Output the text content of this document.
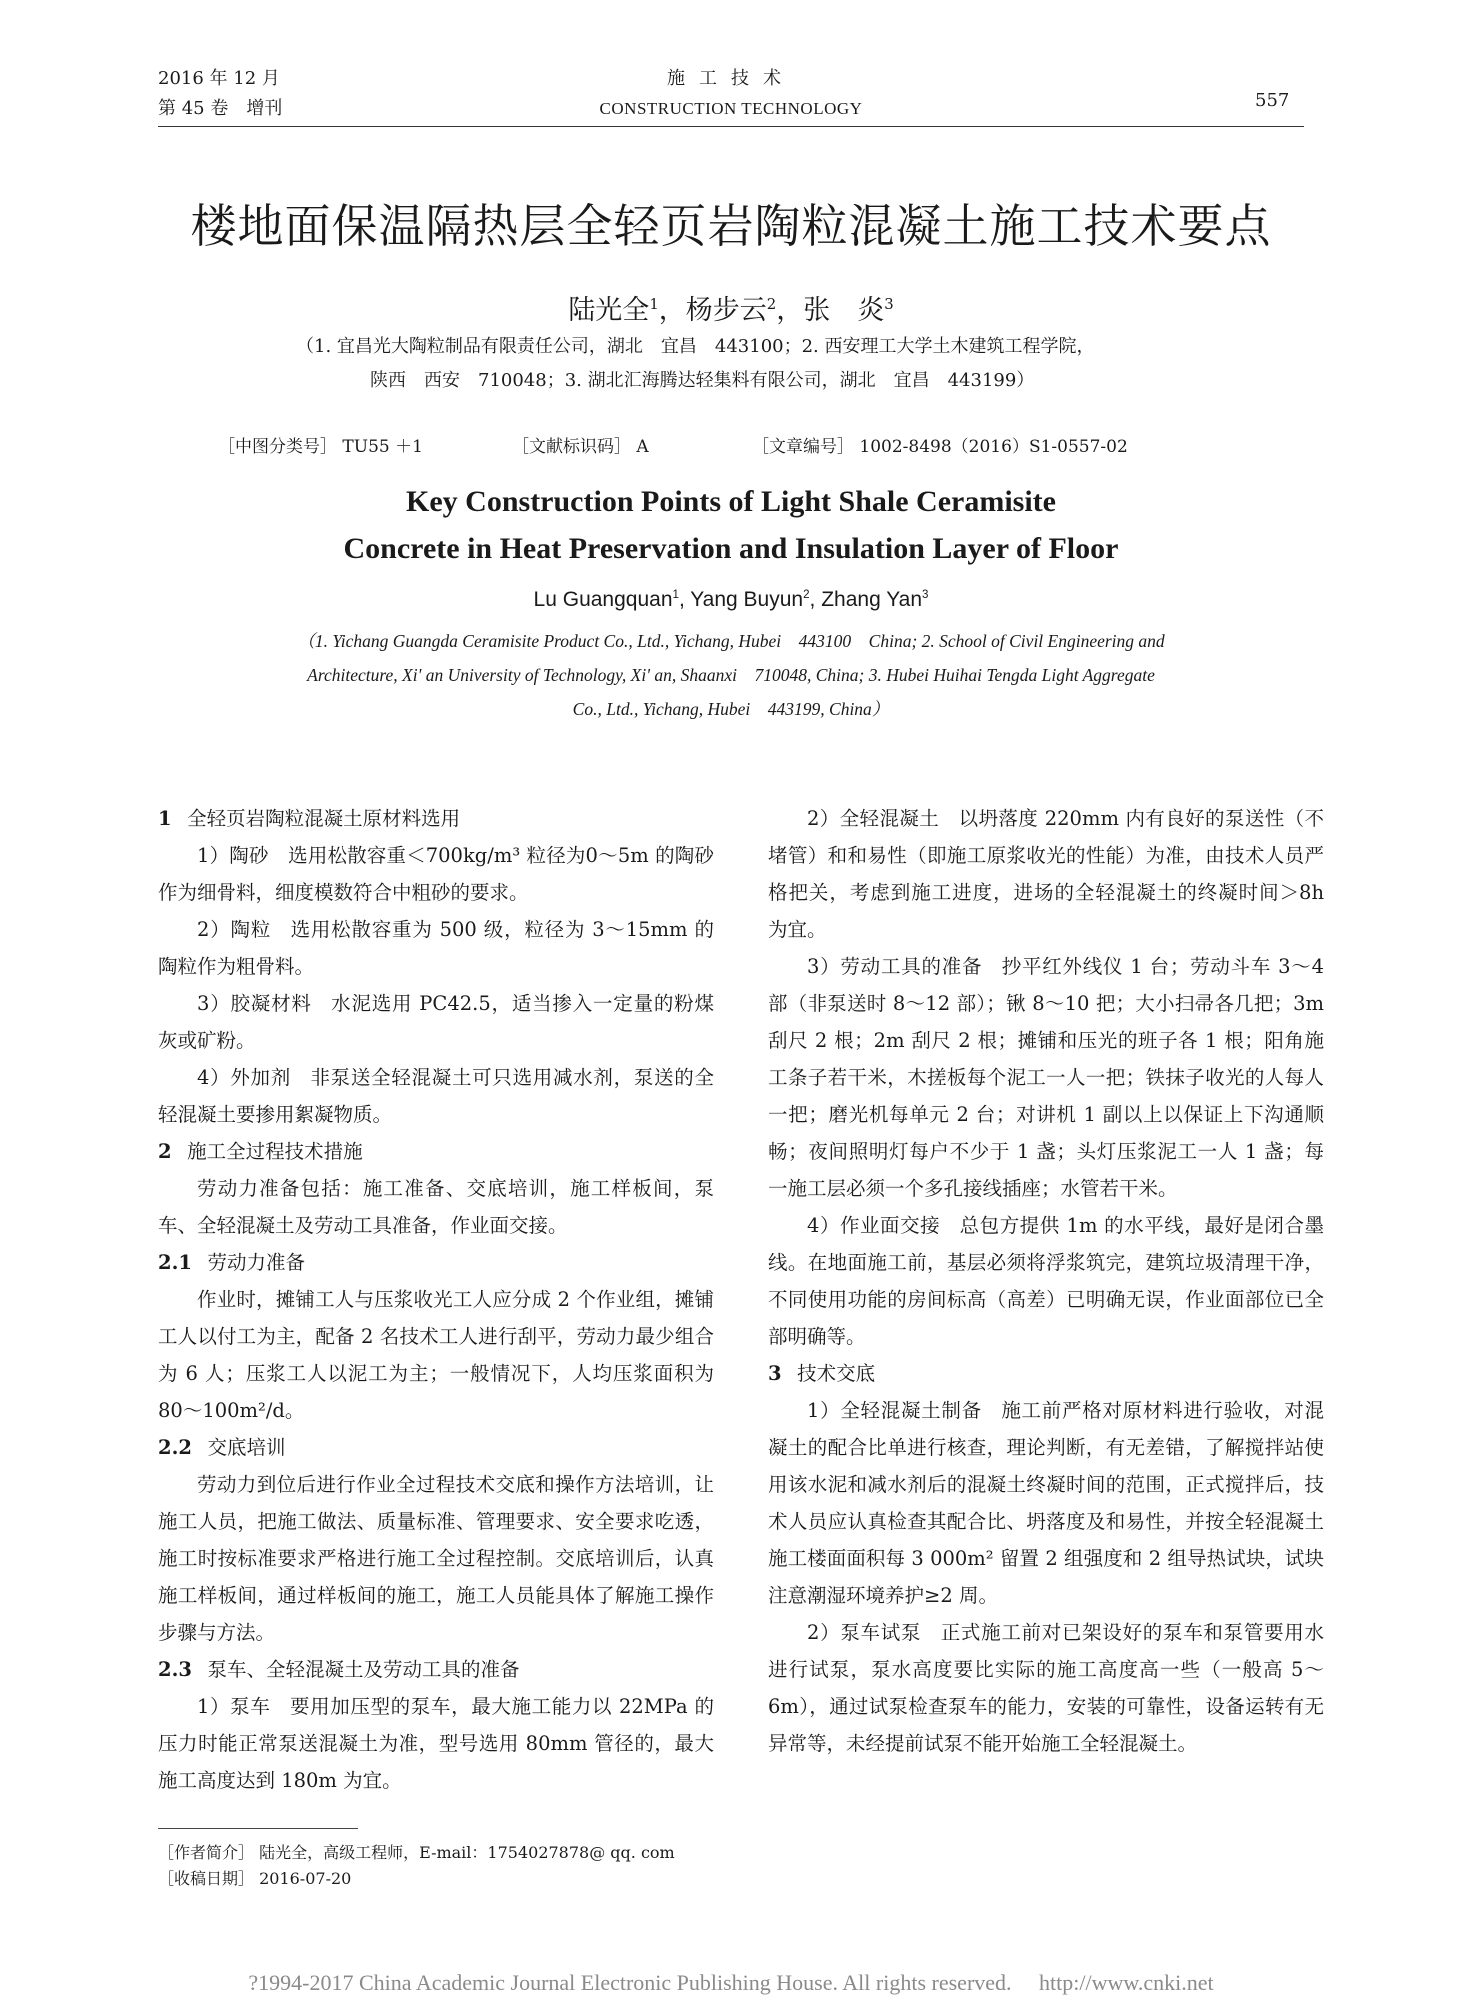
2016 年 12 月
第 45 卷　增刊
施工技术
CONSTRUCTION TECHNOLOGY	557
楼地面保温隔热层全轻页岩陶粒混凝土施工技术要点
陆光全$^1$，杨步云$^2$，张　炎$^3$
（1. 宜昌光大陶粒制品有限责任公司，湖北　宜昌　443100；2. 西安理工大学土木建筑工程学院，
陕西　西安　710048；3. 湖北汇海腾达轻集料有限公司，湖北　宜昌　443199）
［中图分类号］ TU55 ＋1	［文献标识码］ A	［文章编号］ 1002-8498（2016）S1-0557-02
Key Construction Points of Light Shale Ceramisite
Concrete in Heat Preservation and Insulation Layer of Floor
Lu Guangquan$^1$, Yang Buyun$^2$, Zhang Yan$^3$
（1. Yichang Guangda Ceramisite Product Co., Ltd., Yichang, Hubei　443100　China; 2. School of Civil Engineering and
Architecture, Xi' an University of Technology, Xi' an, Shaanxi　710048, China; 3. Hubei Huihai Tengda Light Aggregate
Co., Ltd., Yichang, Hubei　443199, China）
1 全轻页岩陶粒混凝土原材料选用

1）陶砂 选用松散容重＜700kg/m³ 粒径为0～5m 的陶砂作为细骨料，细度模数符合中粗砂的要求。

2）陶粒 选用松散容重为 500 级，粒径为 3～15mm 的陶粒作为粗骨料。

3）胶凝材料 水泥选用 PC42.5，适当掺入一定量的粉煤灰或矿粉。

4）外加剂 非泵送全轻混凝土可只选用减水剂，泵送的全轻混凝土要掺用絮凝物质。

2 施工全过程技术措施

劳动力准备包括：施工准备、交底培训，施工样板间，泵车、全轻混凝土及劳动工具准备，作业面交接。

2.1 劳动力准备

作业时，摊铺工人与压浆收光工人应分成 2 个作业组，摊铺工人以付工为主，配备 2 名技术工人进行刮平，劳动力最少组合为 6 人；压浆工人以泥工为主；一般情况下，人均压浆面积为 80～100m²/d。

2.2 交底培训

劳动力到位后进行作业全过程技术交底和操作方法培训，让施工人员，把施工做法、质量标准、管理要求、安全要求吃透，施工时按标准要求严格进行施工全过程控制。交底培训后，认真施工样板间，通过样板间的施工，施工人员能具体了解施工操作步骤与方法。

2.3 泵车、全轻混凝土及劳动工具的准备

1）泵车 要用加压型的泵车，最大施工能力以 22MPa 的压力时能正常泵送混凝土为准，型号选用 80mm 管径的，最大施工高度达到 180m 为宜。

2）全轻混凝土 以坍落度 220mm 内有良好的泵送性（不堵管）和和易性（即施工原浆收光的性能）为准，由技术人员严格把关，考虑到施工进度，进场的全轻混凝土的终凝时间＞8h 为宜。

3）劳动工具的准备 抄平红外线仪 1 台；劳动斗车 3～4 部（非泵送时 8～12 部）；锹 8～10 把；大小扫帚各几把；3m 刮尺 2 根；2m 刮尺 2 根；摊铺和压光的班子各 1 根；阳角施工条子若干米，木搓板每个泥工一人一把；铁抹子收光的人每人一把；磨光机每单元 2 台；对讲机 1 副以上以保证上下沟通顺畅；夜间照明灯每户不少于 1 盏；头灯压浆泥工一人 1 盏；每一施工层必须一个多孔接线插座；水管若干米。

4）作业面交接 总包方提供 1m 的水平线，最好是闭合墨线。在地面施工前，基层必须将浮浆筑完，建筑垃圾清理干净，不同使用功能的房间标高（高差）已明确无误，作业面部位已全部明确等。

3 技术交底

1）全轻混凝土制备 施工前严格对原材料进行验收，对混凝土的配合比单进行核查，理论判断，有无差错，了解搅拌站使用该水泥和减水剂后的混凝土终凝时间的范围，正式搅拌后，技术人员应认真检查其配合比、坍落度及和易性，并按全轻混凝土施工楼面面积每 3 000m² 留置 2 组强度和 2 组导热试块，试块注意潮湿环境养护≥2 周。

2）泵车试泵 正式施工前对已架设好的泵车和泵管要用水进行试泵，泵水高度要比实际的施工高度高一些（一般高 5～6m），通过试泵检查泵车的能力，安装的可靠性，设备运转有无异常等，未经提前试泵不能开始施工全轻混凝土。

［作者简介］ 陆光全，高级工程师，E-mail：1754027878@ qq. com
［收稿日期］ 2016-07-20
?1994-2017 China Academic Journal Electronic Publishing House. All rights reserved.　 http://www.cnki.net
